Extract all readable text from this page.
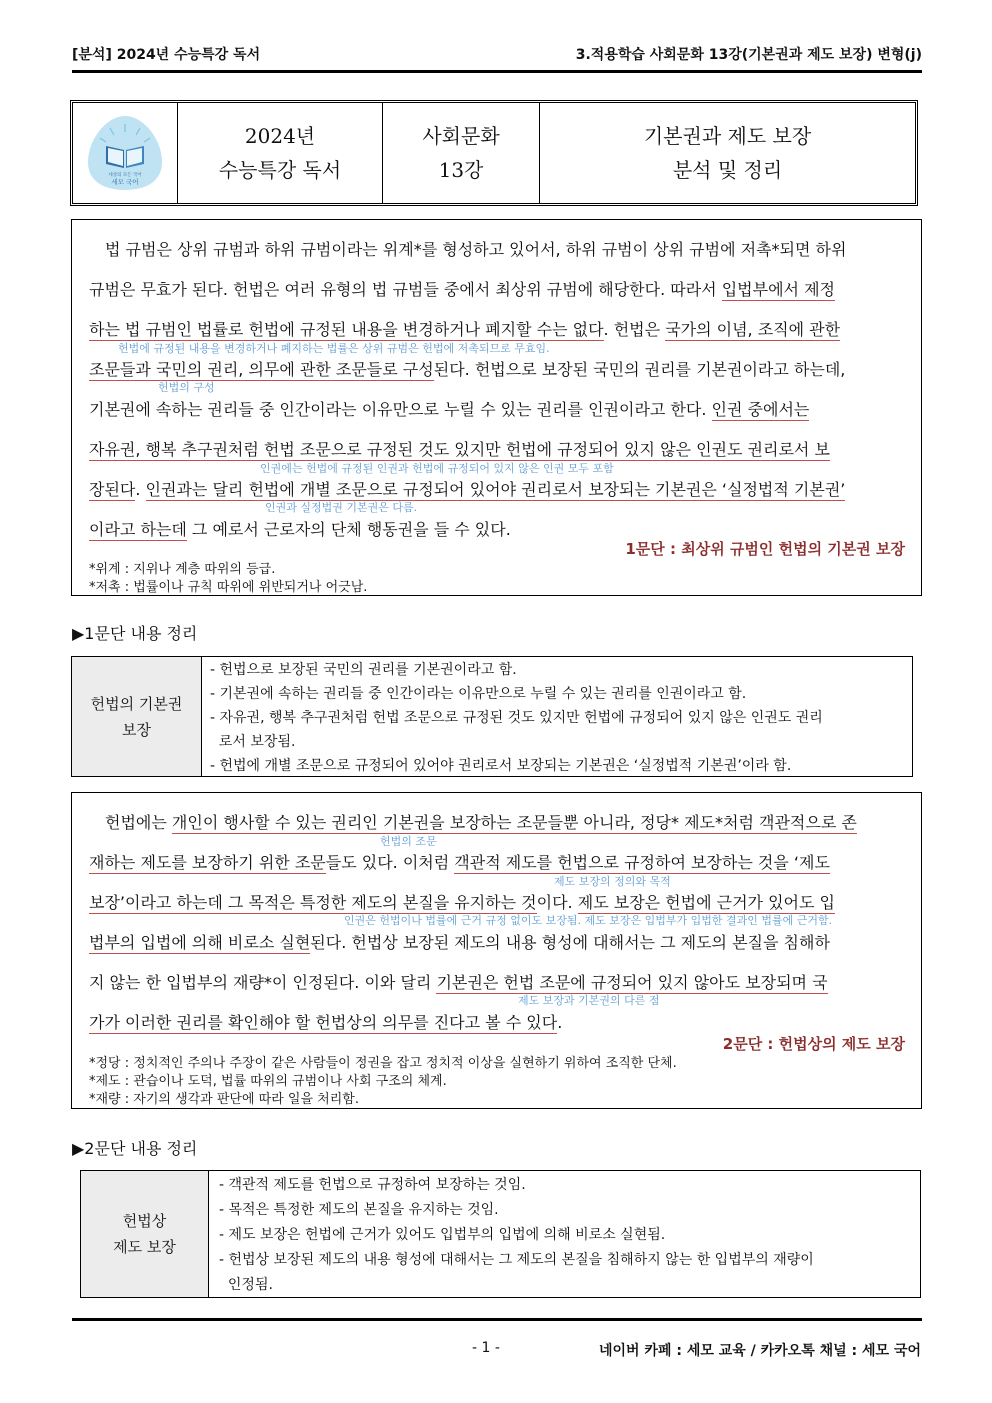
[분석] 2024년 수능특강 독서	3.적용학습 사회문화 13강(기본권과 제도 보장) 변형(j)
세상의 모든 국어
세모 국어
2024년
수능특강 독서
사회문화
13강
기본권과 제도 보장
분석 및 정리
법 규범은 상위 규범과 하위 규범이라는 위계*를 형성하고 있어서, 하위 규범이 상위 규범에 저촉*되면 하위
규범은 무효가 된다. 헌법은 여러 유형의 법 규범들 중에서 최상위 규범에 해당한다. 따라서 입법부에서 제정
하는 법 규범인 법률로 헌법에 규정된 내용을 변경하거나 폐지할 수는 없다. 헌법은 국가의 이념, 조직에 관한
헌법에 규정된 내용을 변경하거나 폐지하는 법률은 상위 규범은 헌법에 저촉되므로 무효임.
조문들과 국민의 권리, 의무에 관한 조문들로 구성된다. 헌법으로 보장된 국민의 권리를 기본권이라고 하는데,
헌법의 구성
기본권에 속하는 권리들 중 인간이라는 이유만으로 누릴 수 있는 권리를 인권이라고 한다. 인권 중에서는
자유권, 행복 추구권처럼 헌법 조문으로 규정된 것도 있지만 헌법에 규정되어 있지 않은 인권도 권리로서 보
인권에는 헌법에 규정된 인권과 헌법에 규정되어 있지 않은 인권 모두 포함
장된다. 인권과는 달리 헌법에 개별 조문으로 규정되어 있어야 권리로서 보장되는 기본권은 ‘실정법적 기본권’
인권과 실정법권 기본권은 다름.
이라고 하는데 그 예로서 근로자의 단체 행동권을 들 수 있다.
1문단 : 최상위 규범인 헌법의 기본권 보장
*위계 : 지위나 계층 따위의 등급.
*저촉 : 법률이나 규칙 따위에 위반되거나 어긋남.
▶1문단 내용 정리
헌법의 기본권
보장
- 헌법으로 보장된 국민의 권리를 기본권이라고 함.
- 기본권에 속하는 권리들 중 인간이라는 이유만으로 누릴 수 있는 권리를 인권이라고 함.
- 자유권, 행복 추구권처럼 헌법 조문으로 규정된 것도 있지만 헌법에 규정되어 있지 않은 인권도 권리
로서 보장됨.
- 헌법에 개별 조문으로 규정되어 있어야 권리로서 보장되는 기본권은 ‘실정법적 기본권’이라 함.
헌법에는 개인이 행사할 수 있는 권리인 기본권을 보장하는 조문들뿐 아니라, 정당* 제도*처럼 객관적으로 존
헌법의 조문
재하는 제도를 보장하기 위한 조문들도 있다. 이처럼 객관적 제도를 헌법으로 규정하여 보장하는 것을 ‘제도
제도 보장의 정의와 목적
보장’이라고 하는데 그 목적은 특정한 제도의 본질을 유지하는 것이다. 제도 보장은 헌법에 근거가 있어도 입
인권은 헌법이나 법률에 근거 규정 없이도 보장됨. 제도 보장은 입법부가 입법한 결과인 법률에 근거함.
법부의 입법에 의해 비로소 실현된다. 헌법상 보장된 제도의 내용 형성에 대해서는 그 제도의 본질을 침해하
지 않는 한 입법부의 재량*이 인정된다. 이와 달리 기본권은 헌법 조문에 규정되어 있지 않아도 보장되며 국
제도 보장과 기본권의 다른 점
가가 이러한 권리를 확인해야 할 헌법상의 의무를 진다고 볼 수 있다.
2문단 : 헌법상의 제도 보장
*정당 : 정치적인 주의나 주장이 같은 사람들이 정권을 잡고 정치적 이상을 실현하기 위하여 조직한 단체.
*제도 : 관습이나 도덕, 법률 따위의 규범이나 사회 구조의 체계.
*재량 : 자기의 생각과 판단에 따라 일을 처리함.
▶2문단 내용 정리
헌법상
제도 보장
- 객관적 제도를 헌법으로 규정하여 보장하는 것임.
- 목적은 특정한 제도의 본질을 유지하는 것임.
- 제도 보장은 헌법에 근거가 있어도 입법부의 입법에 의해 비로소 실현됨.
- 헌법상 보장된 제도의 내용 형성에 대해서는 그 제도의 본질을 침해하지 않는 한 입법부의 재량이
인정됨.
- 1 -	네이버 카페 : 세모 교육 / 카카오톡 채널 : 세모 국어
